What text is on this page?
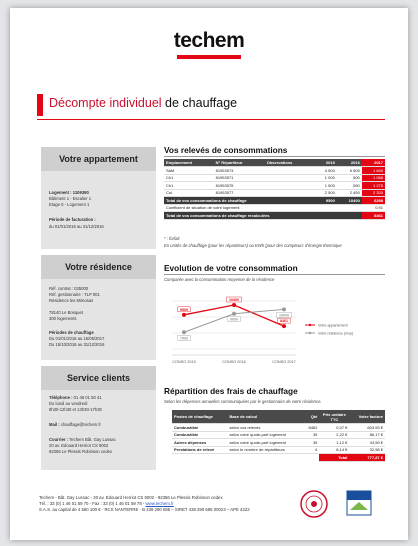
techem
Décompte individuel de chauffage
Votre appartement
Logement : 1109390
Bâtiment 1 - Escalier 1
Etage 0 - Logement 1
Période de facturation :
du 01/01/2016 au 31/12/2016
Votre résidence
Réf. contrat : 025000
Réf. gestionnaire : TLP 001
Résidence les Mimosas
78140 Le Bosquet
300 logements
Périodes de chauffage
Du 01/01/2016 au 15/05/2017
Du 15/10/2016 au 31/12/2016
Service clients
Téléphone : 01 46 01 50 41
Du lundi au vendredi
8h30-12h30 et 13h30-17h30
Mail : chauffage@techem.fr
Courrier : Techem Bât. Gay Lussac
20 av. Edouard Herriot CS 9002
92356 Le Plessis Robinson cedex
Vos relevés de consommations
Emplacement	N° Répartiteur	Observations	2015	2016	2017
SàM	81953573		4 500	6 500	1 640
Ch1	81953571		1 000	500	1 068
Ch1	81953575		1 500	550	1 275
Cui	81953577		2 500	2 450	2 320
Total de vos consommations de chauffage			9500	10400	6298
Coefficient de situation de votre logement					0,91
Total de vos consommations de chauffage recalculées					8461
* : forfait
En unités de chauffage (pour les répartiteurs) ou KWh (pour des compteurs d'énergie thermique
Evolution de votre consommation
Comparée avec la consommation moyenne de la résidence
CONSO 2015	CONSO 2016	CONSO 2017
9500
10400
8461
7900
9600
10000
Votre appartement
Votre résidence (moy)
Répartition des frais de chauffage
Selon les dépenses annuelles communiquées par le gestionnaire de votre résidence.
Postes de chauffage	Base de calcul	Qté	Prix unitaire TTC	Votre facture
Combustible	selon vos relevés	8462	0,07 €	603,53 €
Combustible	selon votre quote-part logement	39	2,22 €	86,17 €
Autres dépenses	selon votre quote-part logement	39	1,12 €	43,59 €
Prestations de relevé	selon le nombre de répartiteurs	4	8,14 €	32,58 €
			Total	777,87 €
Techem - Bât. Gay Lussac - 20 av. Edouard Herriot CS 9002 - 92356 Le Plessis Robinson cedex
Tél. : 33 (0) 1 46 01 59 70 - Fax : 33 (0) 1 46 01 59 78 - www.techem.fr
S.A.S. au capital de 4 560 100 € · RCS NANTERRE · B 439 290 685 – SIRET 439 290 685 00023 – APE 4322
